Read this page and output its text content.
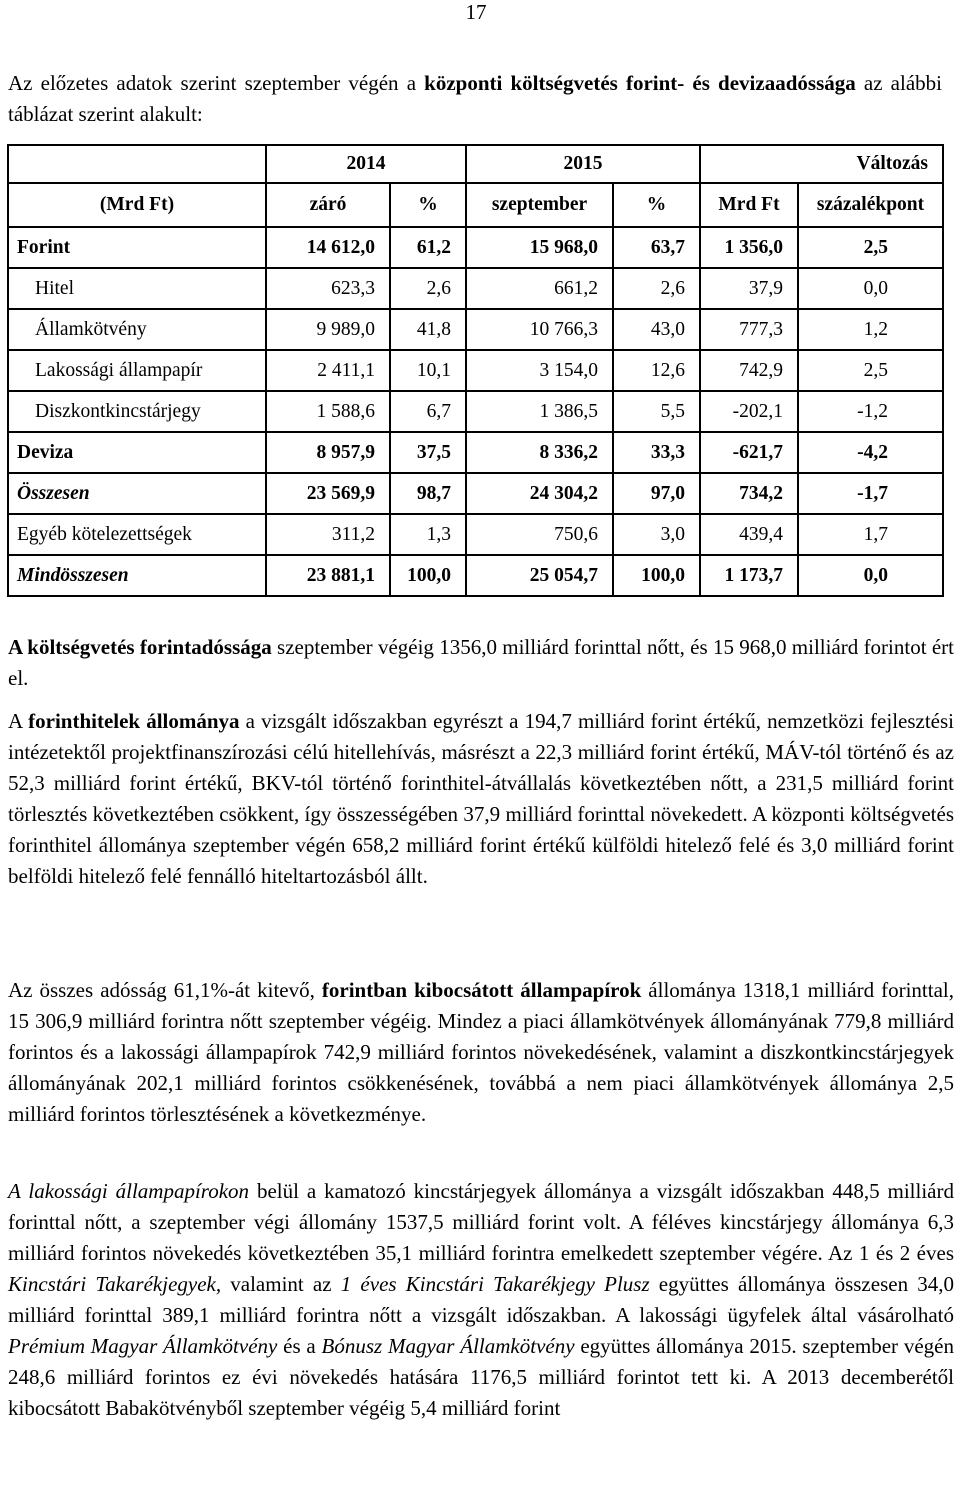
17
Az előzetes adatok szerint szeptember végén a központi költségvetés forint- és devizaadóssága az alábbi táblázat szerint alakult:
	2014		2015		Változás	
(Mrd Ft)	záró	%	szeptember	%	Mrd Ft	százalékpont
Forint	14 612,0	61,2	15 968,0	63,7	1 356,0	2,5
Hitel	623,3	2,6	661,2	2,6	37,9	0,0
Államkötvény	9 989,0	41,8	10 766,3	43,0	777,3	1,2
Lakossági állampapír	2 411,1	10,1	3 154,0	12,6	742,9	2,5
Diszkontkincstárjegy	1 588,6	6,7	1 386,5	5,5	-202,1	-1,2
Deviza	8 957,9	37,5	8 336,2	33,3	-621,7	-4,2
Összesen	23 569,9	98,7	24 304,2	97,0	734,2	-1,7
Egyéb kötelezettségek	311,2	1,3	750,6	3,0	439,4	1,7
Mindösszesen	23 881,1	100,0	25 054,7	100,0	1 173,7	0,0
A költségvetés forintadóssága szeptember végéig 1356,0 milliárd forinttal nőtt, és 15 968,0 milliárd forintot ért el.
A forinthitelek állománya a vizsgált időszakban egyrészt a 194,7 milliárd forint értékű, nemzetközi fejlesztési intézetektől projektfinanszírozási célú hitellehívás, másrészt a 22,3 milliárd forint értékű, MÁV-tól történő és az 52,3 milliárd forint értékű, BKV-tól történő forinthitel-átvállalás következtében nőtt, a 231,5 milliárd forint törlesztés következtében csökkent, így összességében 37,9 milliárd forinttal növekedett. A központi költségvetés forinthitel állománya szeptember végén 658,2 milliárd forint értékű külföldi hitelező felé és 3,0 milliárd forint belföldi hitelező felé fennálló hiteltartozásból állt.
Az összes adósság 61,1%-át kitevő, forintban kibocsátott állampapírok állománya 1318,1 milliárd forinttal, 15 306,9 milliárd forintra nőtt szeptember végéig. Mindez a piaci államkötvények állományának 779,8 milliárd forintos és a lakossági állampapírok 742,9 milliárd forintos növekedésének, valamint a diszkontkincstárjegyek állományának 202,1 milliárd forintos csökkenésének, továbbá a nem piaci államkötvények állománya 2,5 milliárd forintos törlesztésének a következménye.
A lakossági állampapírokon belül a kamatozó kincstárjegyek állománya a vizsgált időszakban 448,5 milliárd forinttal nőtt, a szeptember végi állomány 1537,5 milliárd forint volt. A féléves kincstárjegy állománya 6,3 milliárd forintos növekedés következtében 35,1 milliárd forintra emelkedett szeptember végére. Az 1 és 2 éves Kincstári Takarékjegyek, valamint az 1 éves Kincstári Takarékjegy Plusz együttes állománya összesen 34,0 milliárd forinttal 389,1 milliárd forintra nőtt a vizsgált időszakban. A lakossági ügyfelek által vásárolható Prémium Magyar Államkötvény és a Bónusz Magyar Államkötvény együttes állománya 2015. szeptember végén 248,6 milliárd forintos ez évi növekedés hatására 1176,5 milliárd forintot tett ki. A 2013 decemberétől kibocsátott Babakötvényből szeptember végéig 5,4 milliárd forint
